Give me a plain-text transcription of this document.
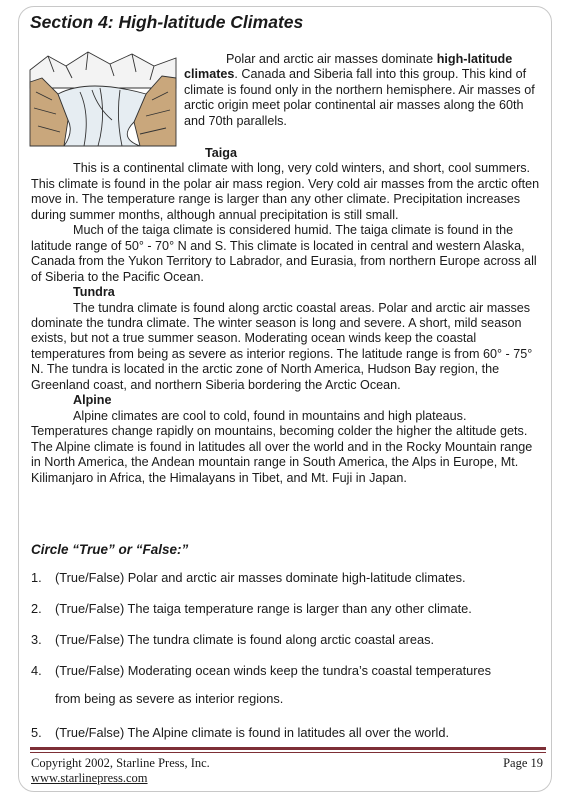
Section 4: High-latitude Climates

Polar and arctic air masses dominate high-latitude climates. Canada and Siberia fall into this group. This kind of climate is found only in the northern hemisphere. Air masses of arctic origin meet polar continental air masses along the 60th and 70th parallels.

Taiga

This is a continental climate with long, very cold winters, and short, cool summers. This climate is found in the polar air mass region. Very cold air masses from the arctic often move in. The temperature range is larger than any other climate. Precipitation increases during summer months, although annual precipitation is still small.

Much of the taiga climate is considered humid. The taiga climate is found in the latitude range of 50° - 70° N and S. This climate is located in central and western Alaska, Canada from the Yukon Territory to Labrador, and Eurasia, from northern Europe across all of Siberia to the Pacific Ocean.

Tundra

The tundra climate is found along arctic coastal areas. Polar and arctic air masses dominate the tundra climate. The winter season is long and severe. A short, mild season exists, but not a true summer season. Moderating ocean winds keep the coastal temperatures from being as severe as interior regions. The latitude range is from 60° - 75° N. The tundra is located in the arctic zone of North America, Hudson Bay region, the Greenland coast, and northern Siberia bordering the Arctic Ocean.

Alpine

Alpine climates are cool to cold, found in mountains and high plateaus. Temperatures change rapidly on mountains, becoming colder the higher the altitude gets. The Alpine climate is found in latitudes all over the world and in the Rocky Mountain range in North America, the Andean mountain range in South America, the Alps in Europe, Mt. Kilimanjaro in Africa, the Himalayans in Tibet, and Mt. Fuji in Japan.

Circle “True” or “False:”
1. (True/False) Polar and arctic air masses dominate high-latitude climates.
2. (True/False) The taiga temperature range is larger than any other climate.
3. (True/False) The tundra climate is found along arctic coastal areas.
4. (True/False) Moderating ocean winds keep the tundra’s coastal temperatures
from being as severe as interior regions.
5. (True/False) The Alpine climate is found in latitudes all over the world.
Copyright 2002, Starline Press, Inc.
www.starlinepress.com
Page 19
